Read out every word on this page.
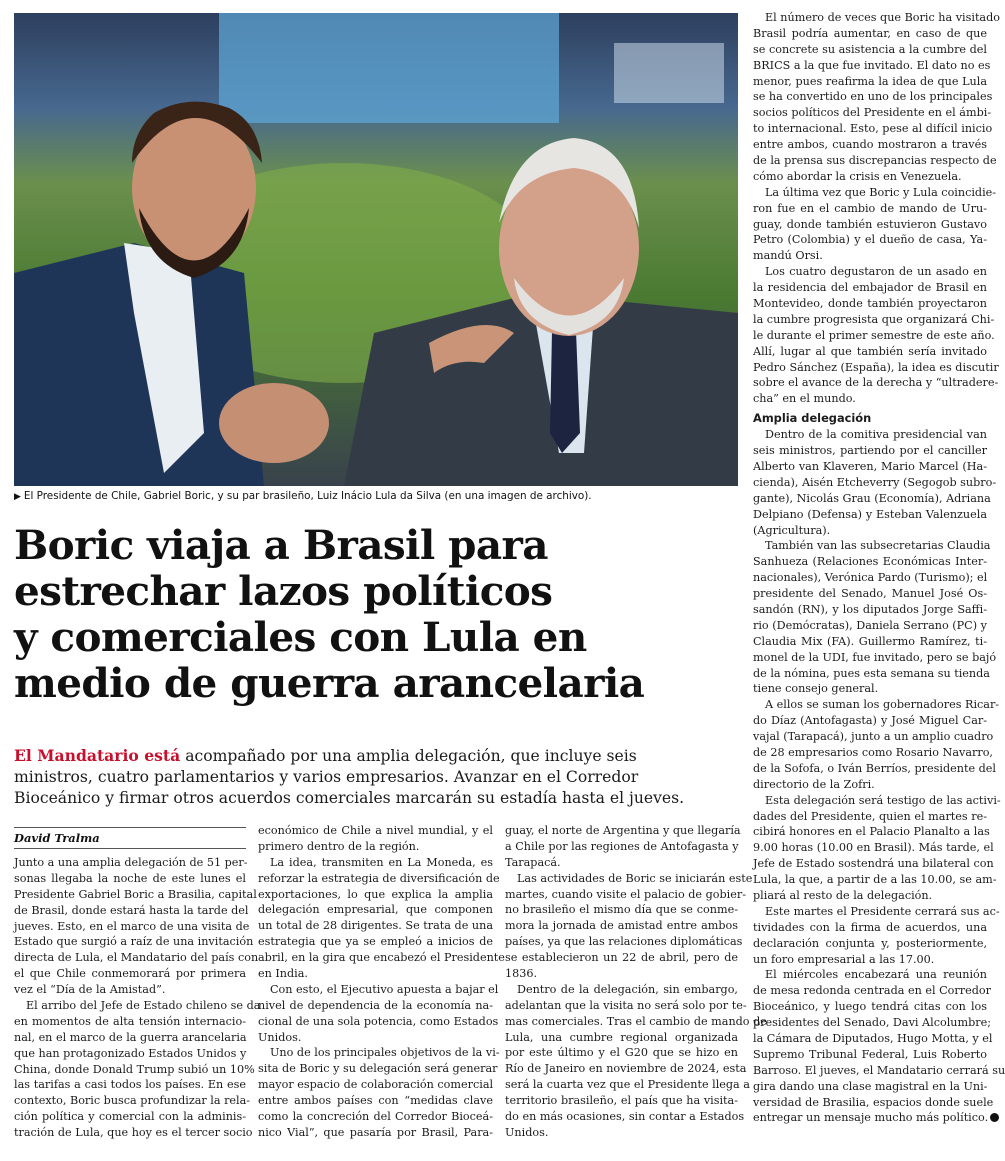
▶ El Presidente de Chile, Gabriel Boric, y su par brasileño, Luiz Inácio Lula da Silva (en una imagen de archivo).
Boric viaja a Brasil para
estrechar lazos políticos
y comerciales con Lula en
medio de guerra arancelaria
El Mandatario está acompañado por una amplia delegación, que incluye seis
ministros, cuatro parlamentarios y varios empresarios. Avanzar en el Corredor
Bioceánico y firmar otros acuerdos comerciales marcarán su estadía hasta el jueves.
David Tralma
Junto a una amplia delegación de 51 per-
sonas llegaba la noche de este lunes el
Presidente Gabriel Boric a Brasilia, capital
de Brasil, donde estará hasta la tarde del
jueves. Esto, en el marco de una visita de
Estado que surgió a raíz de una invitación
directa de Lula, el Mandatario del país con
el que Chile conmemorará por primera
vez el “Día de la Amistad”.
El arribo del Jefe de Estado chileno se da
en momentos de alta tensión internacio-
nal, en el marco de la guerra arancelaria
que han protagonizado Estados Unidos y
China, donde Donald Trump subió un 10%
las tarifas a casi todos los países. En ese
contexto, Boric busca profundizar la rela-
ción política y comercial con la adminis-
tración de Lula, que hoy es el tercer socio
económico de Chile a nivel mundial, y el
primero dentro de la región.
La idea, transmiten en La Moneda, es
reforzar la estrategia de diversificación de
exportaciones, lo que explica la amplia
delegación empresarial, que componen
un total de 28 dirigentes. Se trata de una
estrategia que ya se empleó a inicios de
abril, en la gira que encabezó el Presidente
en India.
Con esto, el Ejecutivo apuesta a bajar el
nivel de dependencia de la economía na-
cional de una sola potencia, como Estados
Unidos.
Uno de los principales objetivos de la vi-
sita de Boric y su delegación será generar
mayor espacio de colaboración comercial
entre ambos países con “medidas clave
como la concreción del Corredor Bioceá-
nico Vial”, que pasaría por Brasil, Para-
guay, el norte de Argentina y que llegaría
a Chile por las regiones de Antofagasta y
Tarapacá.
Las actividades de Boric se iniciarán este
martes, cuando visite el palacio de gobier-
no brasileño el mismo día que se conme-
mora la jornada de amistad entre ambos
países, ya que las relaciones diplomáticas
se establecieron un 22 de abril, pero de
1836.
Dentro de la delegación, sin embargo,
adelantan que la visita no será solo por te-
mas comerciales. Tras el cambio de mando de
Lula, una cumbre regional organizada
por este último y el G20 que se hizo en
Río de Janeiro en noviembre de 2024, esta
será la cuarta vez que el Presidente llega a
territorio brasileño, el país que ha visita-
do en más ocasiones, sin contar a Estados
Unidos.
El número de veces que Boric ha visitado
Brasil podría aumentar, en caso de que
se concrete su asistencia a la cumbre del
BRICS a la que fue invitado. El dato no es
menor, pues reafirma la idea de que Lula
se ha convertido en uno de los principales
socios políticos del Presidente en el ámbi-
to internacional. Esto, pese al difícil inicio
entre ambos, cuando mostraron a través
de la prensa sus discrepancias respecto de
cómo abordar la crisis en Venezuela.
La última vez que Boric y Lula coincidie-
ron fue en el cambio de mando de Uru-
guay, donde también estuvieron Gustavo
Petro (Colombia) y el dueño de casa, Ya-
mandú Orsi.
Los cuatro degustaron de un asado en
la residencia del embajador de Brasil en
Montevideo, donde también proyectaron
la cumbre progresista que organizará Chi-
le durante el primer semestre de este año.
Allí, lugar al que también sería invitado
Pedro Sánchez (España), la idea es discutir
sobre el avance de la derecha y “ultradere-
cha” en el mundo.
Amplia delegación
Dentro de la comitiva presidencial van
seis ministros, partiendo por el canciller
Alberto van Klaveren, Mario Marcel (Ha-
cienda), Aisén Etcheverry (Segogob subro-
gante), Nicolás Grau (Economía), Adriana
Delpiano (Defensa) y Esteban Valenzuela
(Agricultura).
También van las subsecretarias Claudia
Sanhueza (Relaciones Económicas Inter-
nacionales), Verónica Pardo (Turismo); el
presidente del Senado, Manuel José Os-
sandón (RN), y los diputados Jorge Saffi-
rio (Demócratas), Daniela Serrano (PC) y
Claudia Mix (FA). Guillermo Ramírez, ti-
monel de la UDI, fue invitado, pero se bajó
de la nómina, pues esta semana su tienda
tiene consejo general.
A ellos se suman los gobernadores Ricar-
do Díaz (Antofagasta) y José Miguel Car-
vajal (Tarapacá), junto a un amplio cuadro
de 28 empresarios como Rosario Navarro,
de la Sofofa, o Iván Berríos, presidente del
directorio de la Zofri.
Esta delegación será testigo de las activi-
dades del Presidente, quien el martes re-
cibirá honores en el Palacio Planalto a las
9.00 horas (10.00 en Brasil). Más tarde, el
Jefe de Estado sostendrá una bilateral con
Lula, la que, a partir de a las 10.00, se am-
pliará al resto de la delegación.
Este martes el Presidente cerrará sus ac-
tividades con la firma de acuerdos, una
declaración conjunta y, posteriormente,
un foro empresarial a las 17.00.
El miércoles encabezará una reunión
de mesa redonda centrada en el Corredor
Bioceánico, y luego tendrá citas con los
presidentes del Senado, Davi Alcolumbre;
la Cámara de Diputados, Hugo Motta, y el
Supremo Tribunal Federal, Luis Roberto
Barroso. El jueves, el Mandatario cerrará su
gira dando una clase magistral en la Uni-
versidad de Brasilia, espacios donde suele
entregar un mensaje mucho más político.
